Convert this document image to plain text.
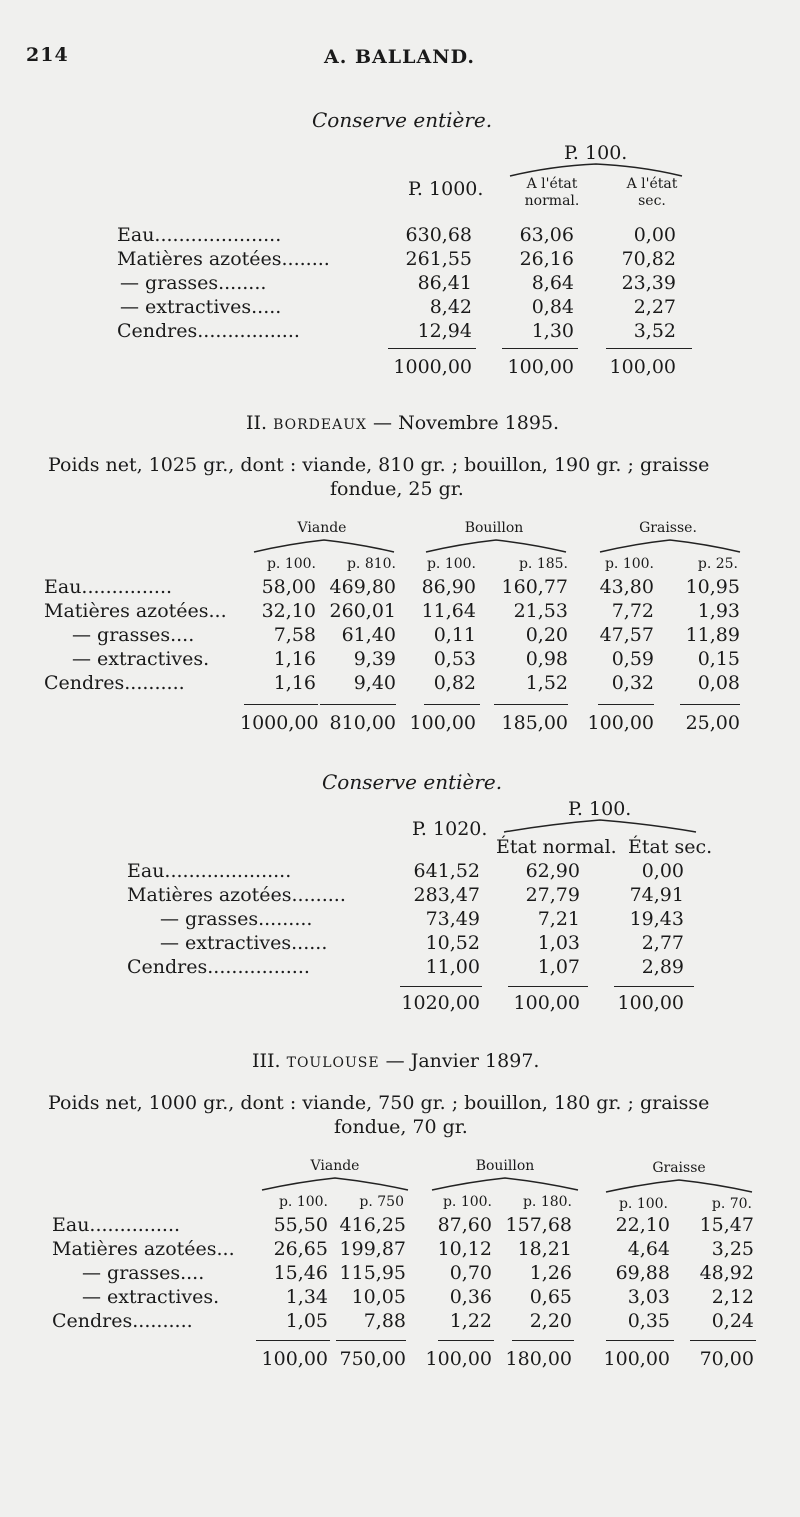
214	A. BALLAND.
Conserve entière.
P. 100.
P. 1000.	A l'état
normal.
A l'état
sec.
Eau.....................	630,68	63,06	0,00
Matières azotées........	261,55	26,16	70,82
— grasses........	86,41	8,64	23,39
— extractives.....	8,42	0,84	2,27
Cendres.................	12,94	1,30	3,52
1000,00	100,00	100,00
II. BORDEAUX — Novembre 1895.
Poids net, 1025 gr., dont : viande, 810 gr. ; bouillon, 190 gr. ; graisse
fondue, 25 gr.
Viande	Bouillon	Graisse.
p. 100.	p. 810.	p. 100.	p. 185.	p. 100.	p. 25.
Eau...............	58,00 469,80	86,90	160,77	43,80	10,95
Matières azotées...	32,10 260,01	11,64	21,53	7,72	1,93
— grasses....	7,58	61,40	0,11	0,20	47,57	11,89
— extractives.	1,16	9,39	0,53	0,98	0,59	0,15
Cendres..........	1,16	9,40	0,82	1,52	0,32	0,08
1000,00 810,00 100,00	185,00	100,00	25,00
Conserve entière.
P. 100.
P. 1020.
État normal. État sec.
Eau.....................	641,52	62,90	0,00
Matières azotées.........	283,47	27,79	74,91
— grasses.........	73,49	7,21	19,43
— extractives......	10,52	1,03	2,77
Cendres.................	11,00	1,07	2,89
1020,00	100,00	100,00
III. TOULOUSE — Janvier 1897.
Poids net, 1000 gr., dont : viande, 750 gr. ; bouillon, 180 gr. ; graisse
fondue, 70 gr.
Viande	Bouillon	Graisse
p. 100.	p. 750	p. 100.	p. 180.	p. 100.	p. 70.
Eau...............	55,50 416,25	87,60 157,68	22,10	15,47
Matières azotées...	26,65 199,87	10,12	18,21	4,64	3,25
— grasses....	15,46 115,95	0,70	1,26	69,88	48,92
— extractives.	1,34	10,05	0,36	0,65	3,03	2,12
Cendres..........	1,05	7,88	1,22	2,20	0,35	0,24
100,00 750,00 100,00 180,00	100,00	70,00
